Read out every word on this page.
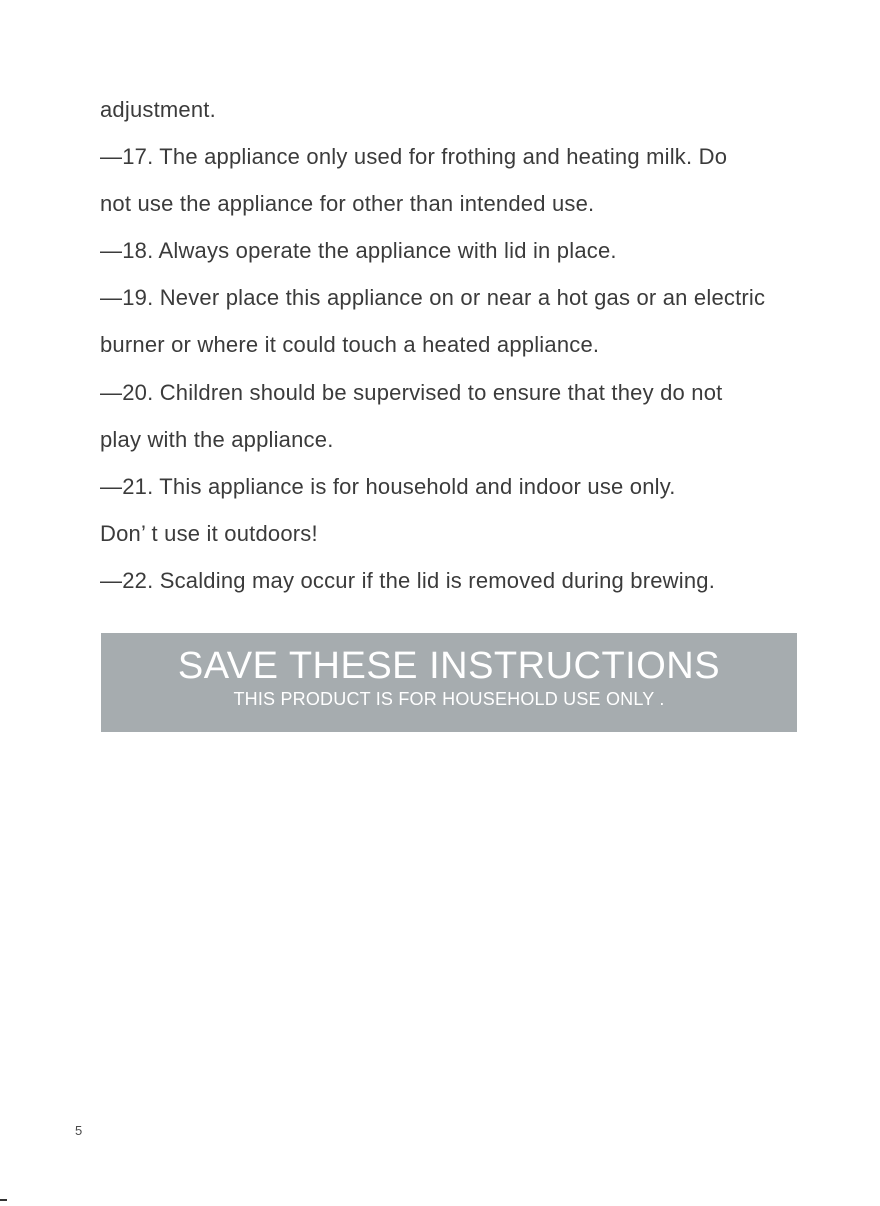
adjustment.
—17. The appliance only used for frothing and heating milk. Do
not use the appliance for other than intended use.
—18. Always operate the appliance with lid in place.
—19. Never place this appliance on or near a hot gas or an electric
burner or where it could touch a heated appliance.
—20. Children should be supervised to ensure that they do not
play with the appliance.
—21. This appliance is for household and indoor use only.
Don’ t use it outdoors!
—22. Scalding may occur if the lid is removed during brewing.
SAVE THESE INSTRUCTIONS
THIS PRODUCT IS FOR HOUSEHOLD USE ONLY .
5
